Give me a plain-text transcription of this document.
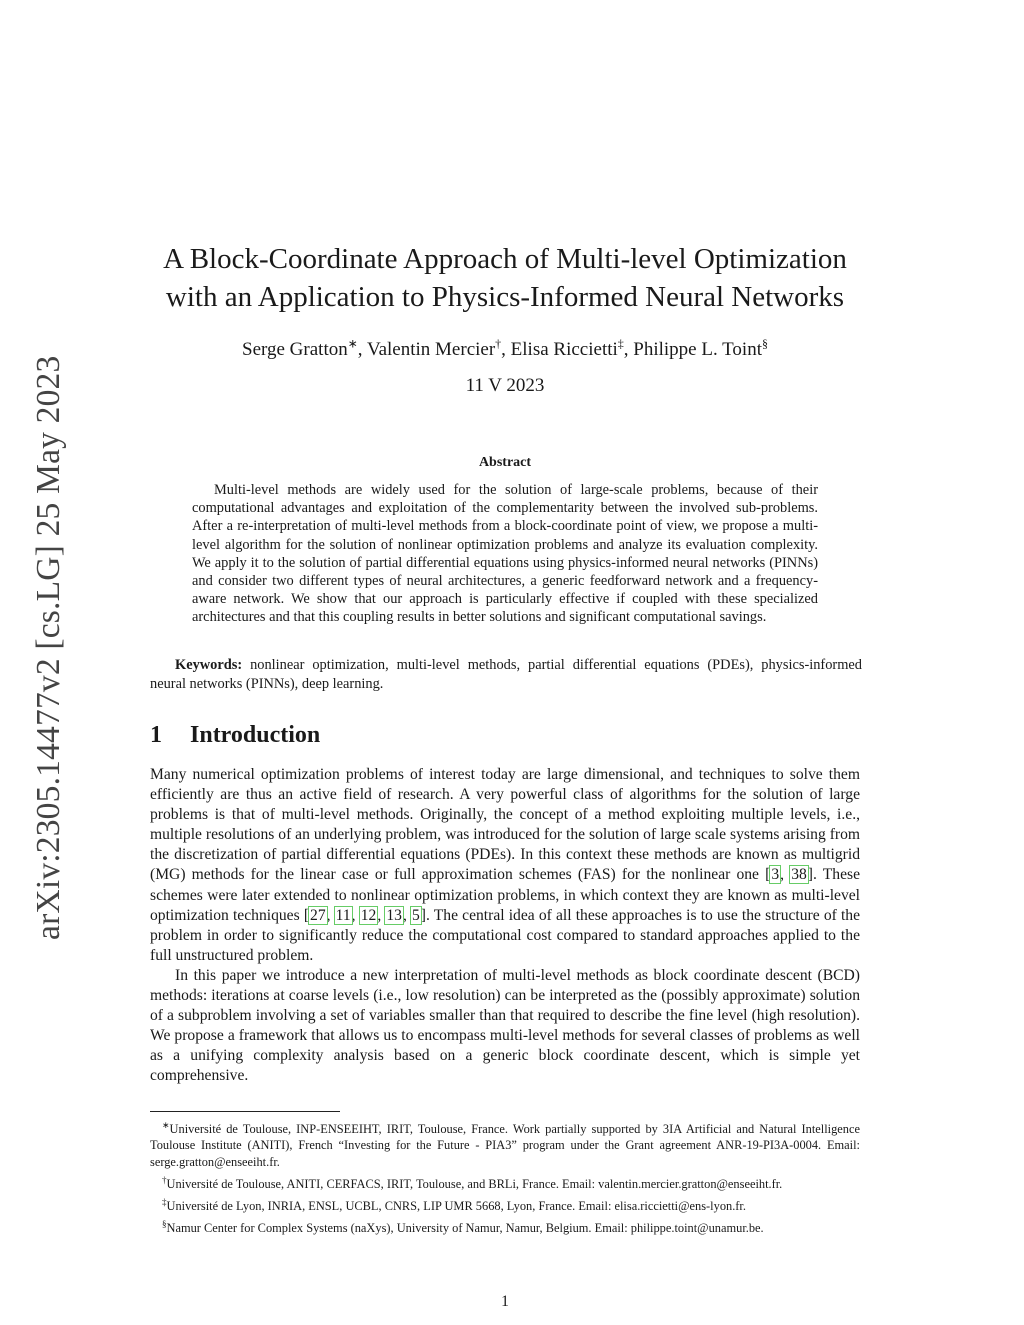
arXiv:2305.14477v2 [cs.LG] 25 May 2023
A Block-Coordinate Approach of Multi-level Optimization
with an Application to Physics-Informed Neural Networks
Serge Gratton∗, Valentin Mercier†, Elisa Riccietti‡, Philippe L. Toint§
11 V 2023
Abstract

Multi-level methods are widely used for the solution of large-scale problems, because of their computational advantages and exploitation of the complementarity between the involved sub-problems. After a re-interpretation of multi-level methods from a block-coordinate point of view, we propose a multi-level algorithm for the solution of nonlinear optimization problems and analyze its evaluation complexity. We apply it to the solution of partial differential equations using physics-informed neural networks (PINNs) and consider two different types of neural architectures, a generic feedforward network and a frequency-aware network. We show that our approach is particularly effective if coupled with these specialized architectures and that this coupling results in better solutions and significant computational savings.

Keywords: nonlinear optimization, multi-level methods, partial differential equations (PDEs), physics-informed neural networks (PINNs), deep learning.

1 Introduction

Many numerical optimization problems of interest today are large dimensional, and techniques to solve them efficiently are thus an active field of research. A very powerful class of algorithms for the solution of large problems is that of multi-level methods. Originally, the concept of a method exploiting multiple levels, i.e., multiple resolutions of an underlying problem, was introduced for the solution of large scale systems arising from the discretization of partial differential equations (PDEs). In this context these methods are known as multigrid (MG) methods for the linear case or full approximation schemes (FAS) for the nonlinear one [3, 38]. These schemes were later extended to nonlinear optimization problems, in which context they are known as multi-level optimization techniques [27, 11, 12, 13, 5]. The central idea of all these approaches is to use the structure of the problem in order to significantly reduce the computational cost compared to standard approaches applied to the full unstructured problem.

In this paper we introduce a new interpretation of multi-level methods as block coordinate descent (BCD) methods: iterations at coarse levels (i.e., low resolution) can be interpreted as the (possibly approximate) solution of a subproblem involving a set of variables smaller than that required to describe the fine level (high resolution). We propose a framework that allows us to encompass multi-level methods for several classes of problems as well as a unifying complexity analysis based on a generic block coordinate descent, which is simple yet comprehensive.

∗Université de Toulouse, INP-ENSEEIHT, IRIT, Toulouse, France. Work partially supported by 3IA Artificial and Natural Intelligence Toulouse Institute (ANITI), French “Investing for the Future - PIA3” program under the Grant agreement ANR-19-PI3A-0004. Email: serge.gratton@enseeiht.fr.

†Université de Toulouse, ANITI, CERFACS, IRIT, Toulouse, and BRLi, France. Email: valentin.mercier.gratton@enseeiht.fr.

‡Université de Lyon, INRIA, ENSL, UCBL, CNRS, LIP UMR 5668, Lyon, France. Email: elisa.riccietti@ens-lyon.fr.

§Namur Center for Complex Systems (naXys), University of Namur, Namur, Belgium. Email: philippe.toint@unamur.be.

1
